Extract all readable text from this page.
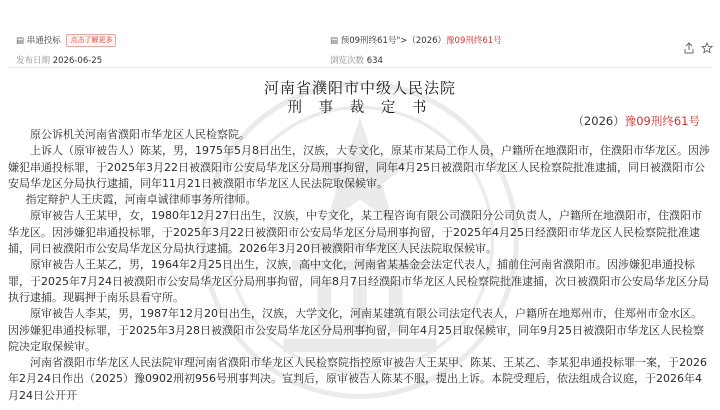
▤ 串通投标 点击了解更多	▤ 预09刑终61号">（2026）豫09刑终61号
发布日期 2026-06-25	浏览次数 634
河南省濮阳市中级人民法院
刑 事 裁 定 书
（2026）豫09刑终61号

原公诉机关河南省濮阳市华龙区人民检察院。

上诉人（原审被告人）陈某，男，1975年5月8日出生，汉族，大专文化，原某市某局工作人员，户籍所在地濮阳市，住濮阳市华龙区。因涉嫌犯串通投标罪，于2025年3月22日被濮阳市公安局华龙区分局刑事拘留，同年4月25日被濮阳市华龙区人民检察院批准逮捕，同日被濮阳市公安局华龙区分局执行逮捕，同年11月21日被濮阳市华龙区人民法院取保候审。

指定辩护人王庆霞，河南卓诚律师事务所律师。

原审被告人王某甲，女，1980年12月27日出生，汉族，中专文化，某工程咨询有限公司濮阳分公司负责人，户籍所在地濮阳市，住濮阳市华龙区。因涉嫌犯串通投标罪，于2025年3月22日被濮阳市公安局华龙区分局刑事拘留，于2025年4月25日经濮阳市华龙区人民检察院批准逮捕，同日被濮阳市公安局华龙区分局执行逮捕。2026年3月20日被濮阳市华龙区人民法院取保候审。

原审被告人王某乙，男，1964年2月25日出生，汉族，高中文化，河南省某基金会法定代表人，捕前住河南省濮阳市。因涉嫌犯串通投标罪，于2025年7月24日被濮阳市公安局华龙区分局刑事拘留，同年8月7日经濮阳市华龙区人民检察院批准逮捕，次日被濮阳市公安局华龙区分局执行逮捕。现羁押于南乐县看守所。

原审被告人李某，男，1987年12月20日出生，汉族，大学文化，河南某建筑有限公司法定代表人，户籍所在地郑州市，住郑州市金水区。因涉嫌犯串通投标罪，于2025年3月28日被濮阳市公安局华龙区分局刑事拘留，同年4月25日取保候审，同年9月25日被濮阳市华龙区人民检察院决定取保候审。

河南省濮阳市华龙区人民法院审理河南省濮阳市华龙区人民检察院指控原审被告人王某甲、陈某、王某乙、李某犯串通投标罪一案，于2026年2月24日作出（2025）豫0902刑初956号刑事判决。宣判后，原审被告人陈某不服，提出上诉。本院受理后，依法组成合议庭，于2026年4月24日公开开
